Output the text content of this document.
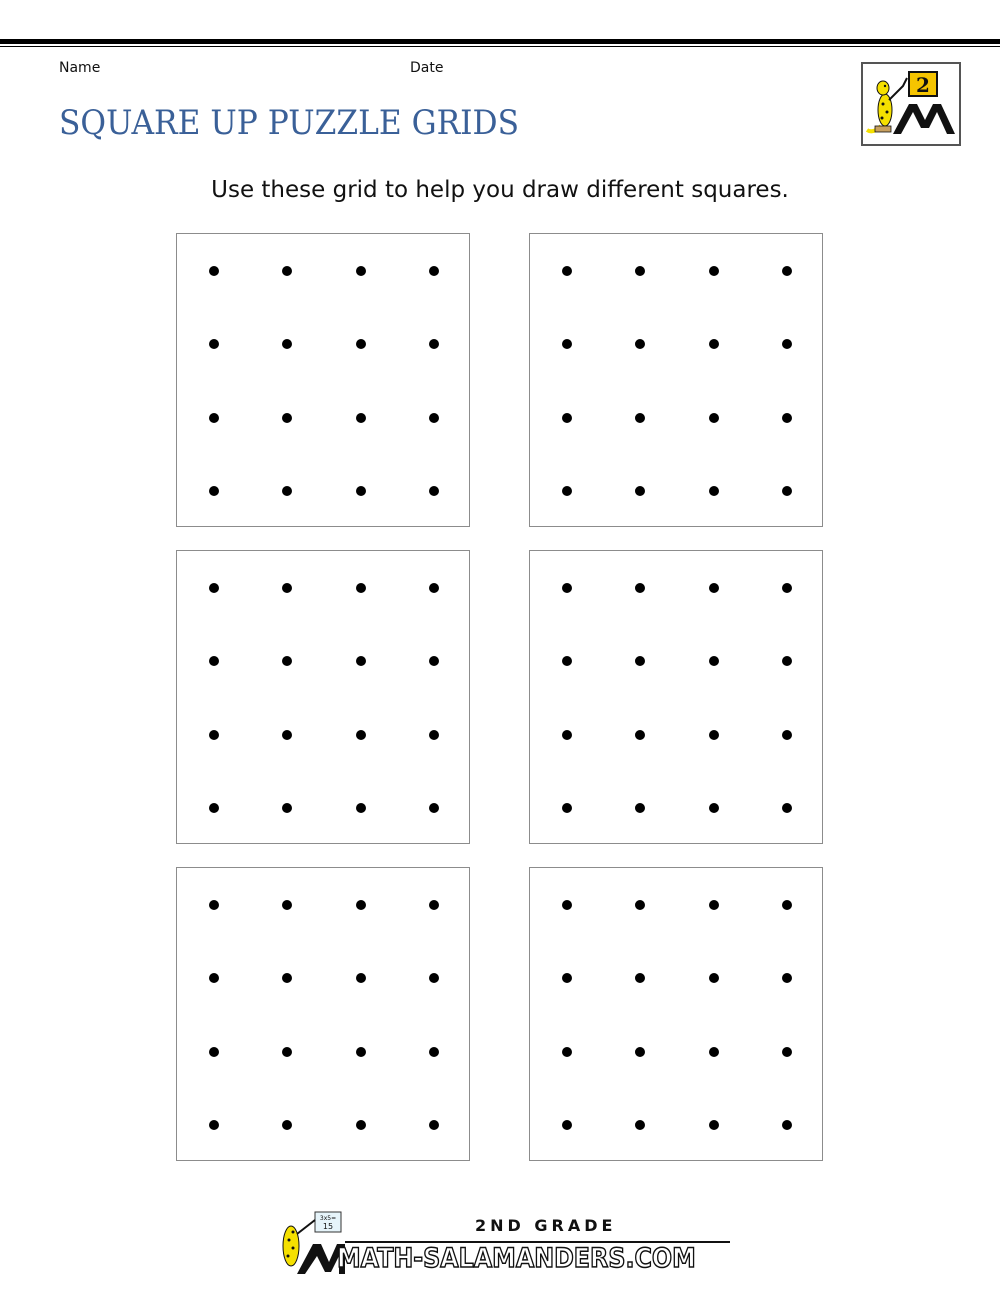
Name	Date
SQUARE UP PUZZLE GRIDS
2
Use these grid to help you draw different squares.
3x5=
15	2ND GRADE
MATH-SALAMANDERS.COM
